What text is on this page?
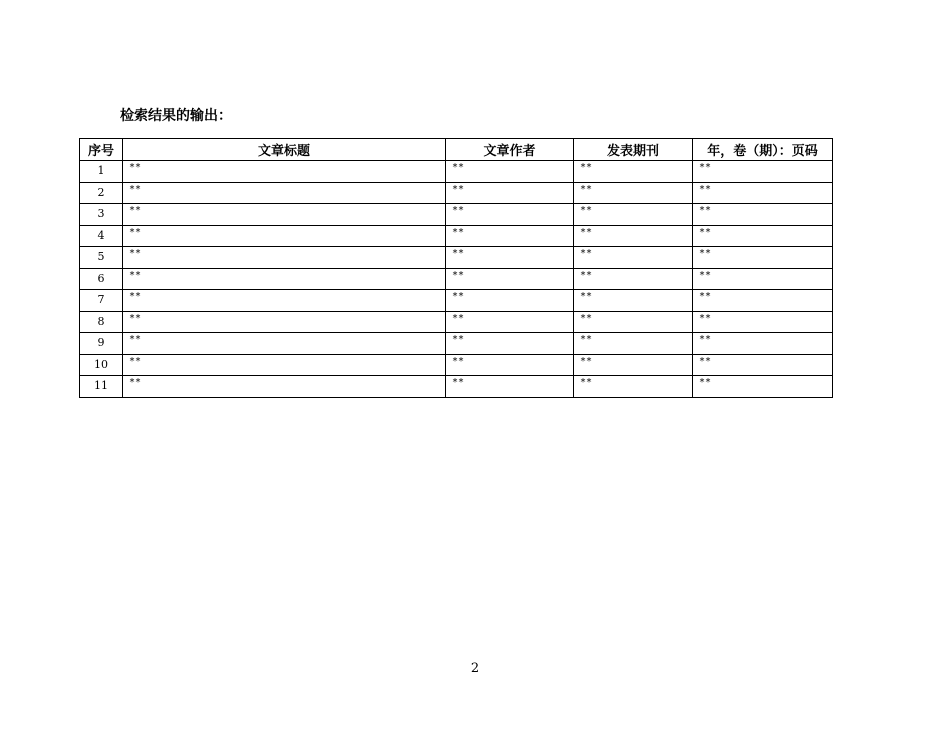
检索结果的输出：
序号	文章标题	文章作者	发表期刊	年，卷（期）：页码
1	**	**	**	**
2	**	**	**	**
3	**	**	**	**
4	**	**	**	**
5	**	**	**	**
6	**	**	**	**
7	**	**	**	**
8	**	**	**	**
9	**	**	**	**
10	**	**	**	**
11	**	**	**	**
2
